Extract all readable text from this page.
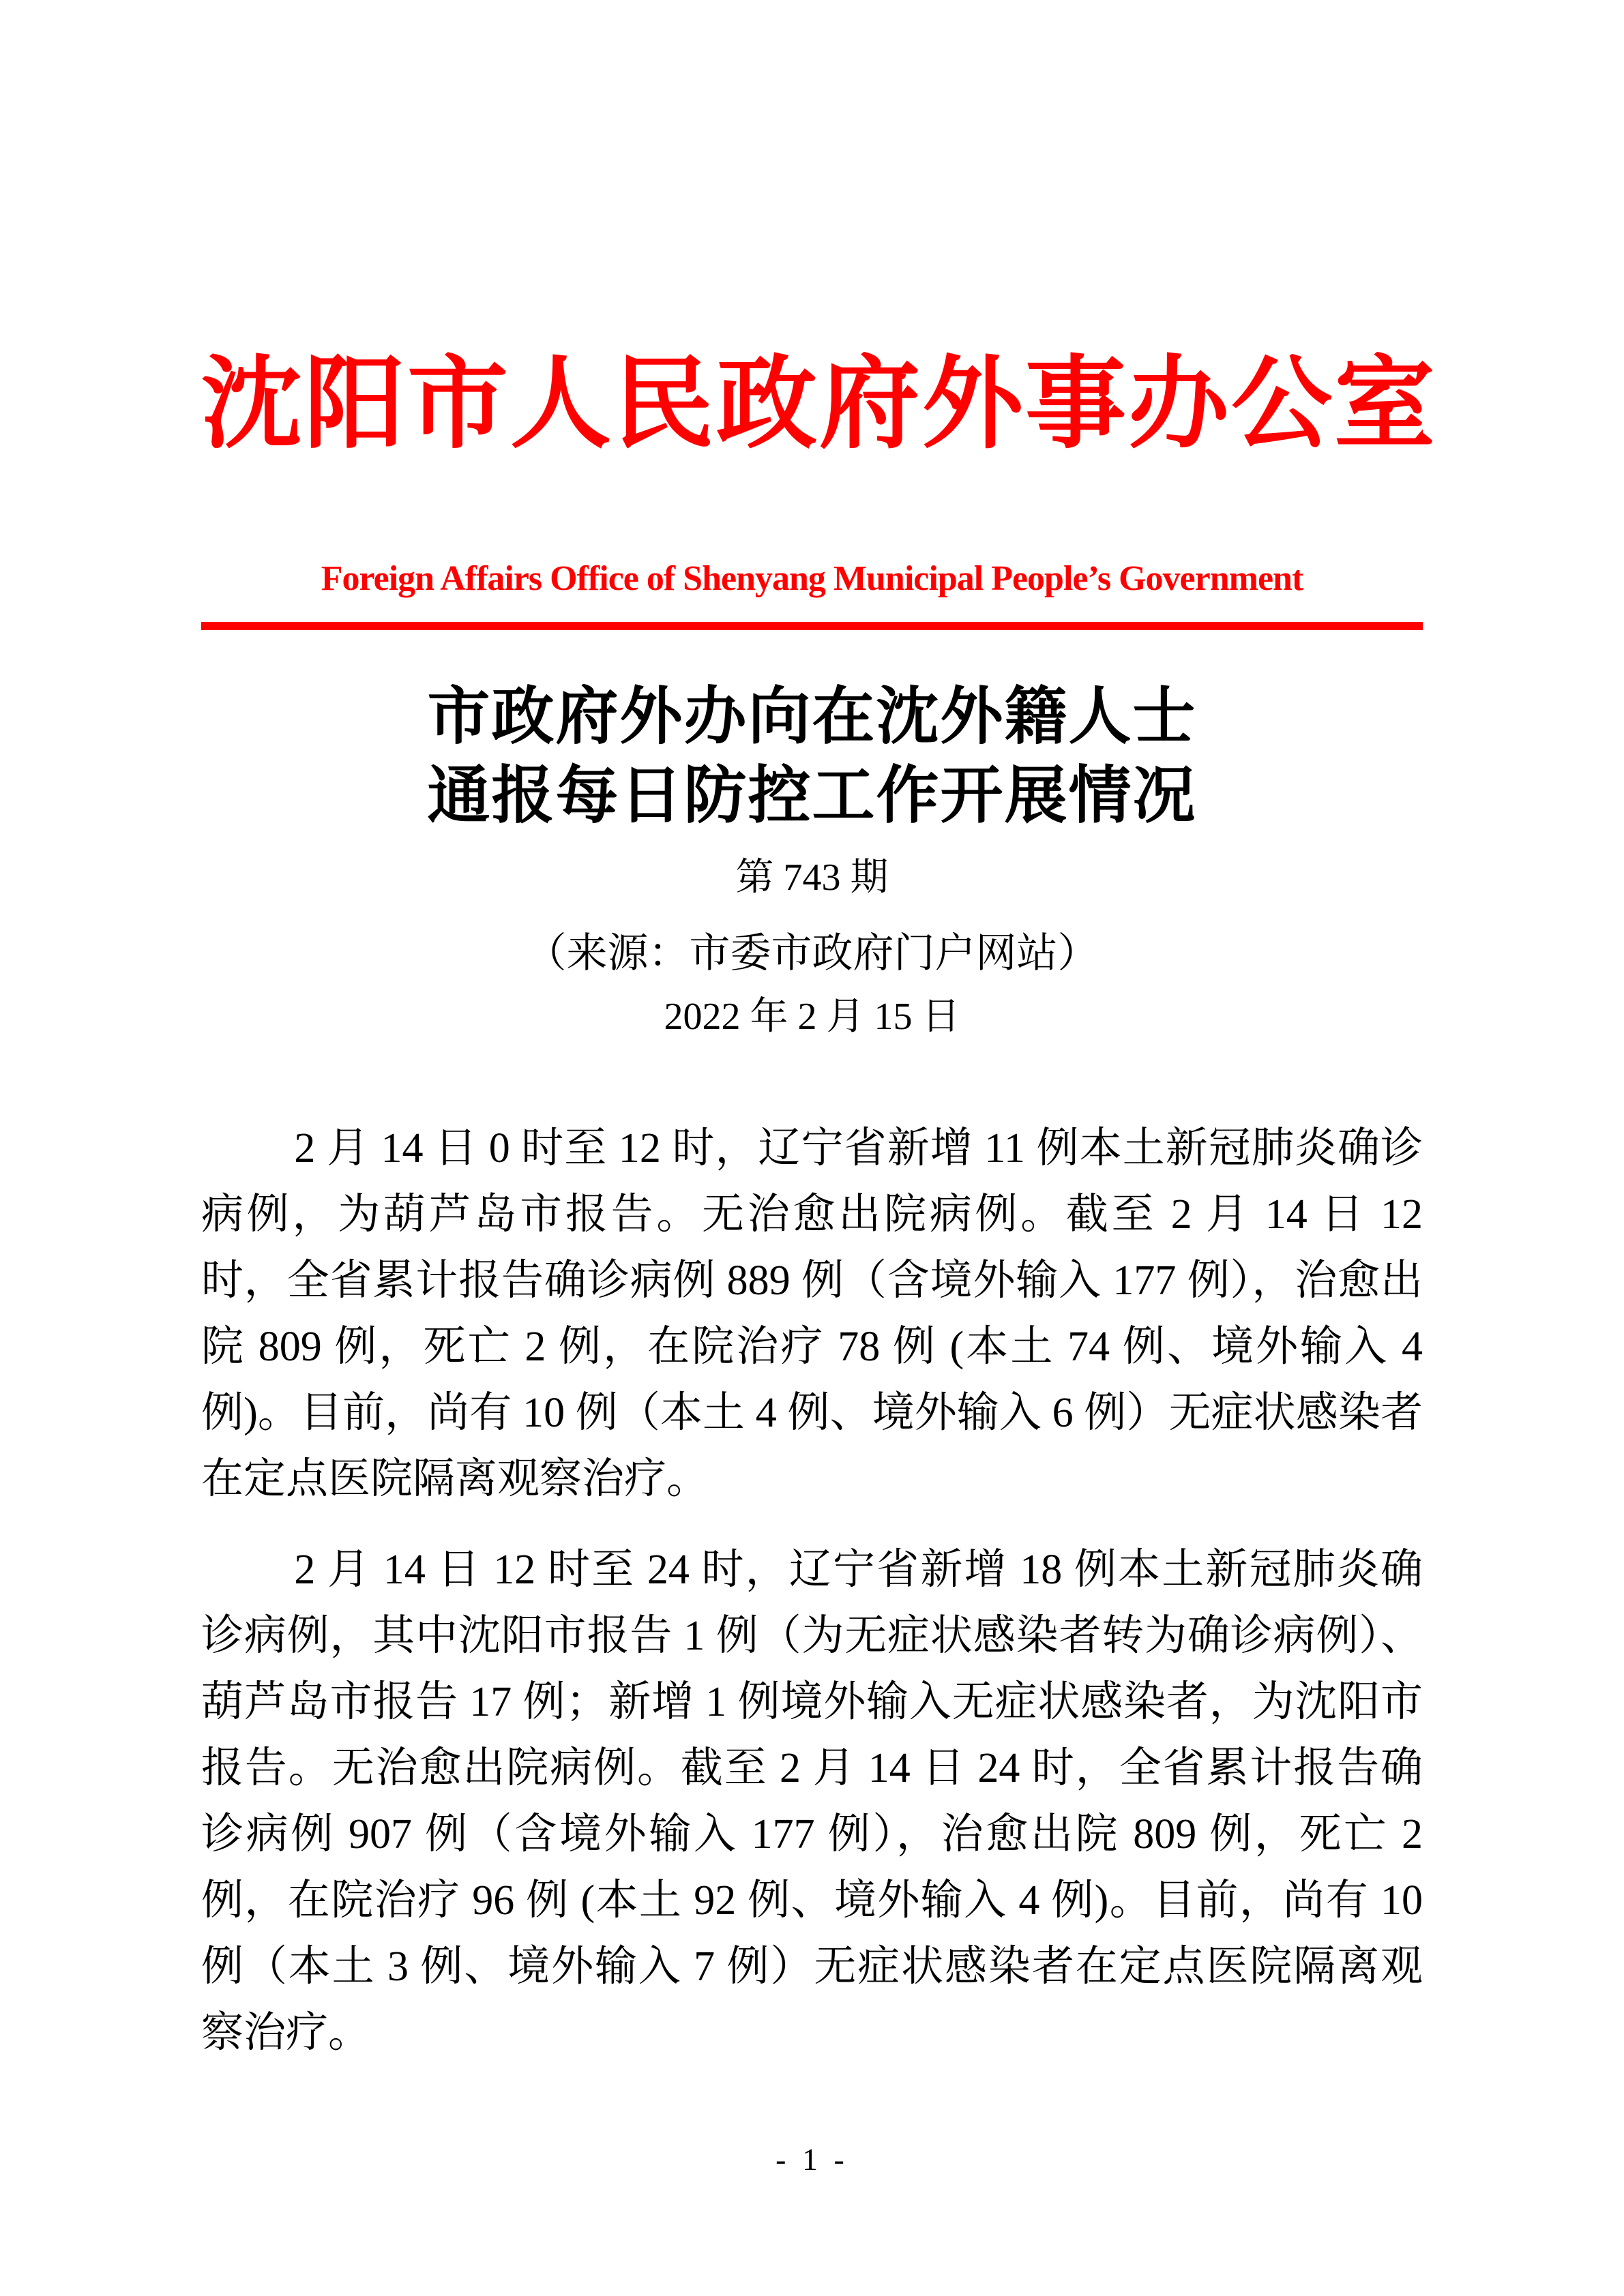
沈阳市人民政府外事办公室
Foreign Affairs Office of Shenyang Municipal People’s Government
市政府外办向在沈外籍人士
通报每日防控工作开展情况
第 743 期
（来源：市委市政府门户网站）
2022 年 2 月 15 日

2 月 14 日 0 时至 12 时，辽宁省新增 11 例本土新冠肺炎确诊病例，为葫芦岛市报告。无治愈出院病例。截至 2 月 14 日 12 时，全省累计报告确诊病例 889 例（含境外输入 177 例），治愈出院 809 例，死亡 2 例，在院治疗 78 例 (本土 74 例、境外输入 4 例)。目前，尚有 10 例（本土 4 例、境外输入 6 例）无症状感染者在定点医院隔离观察治疗。

2 月 14 日 12 时至 24 时，辽宁省新增 18 例本土新冠肺炎确诊病例，其中沈阳市报告 1 例（为无症状感染者转为确诊病例）、葫芦岛市报告 17 例；新增 1 例境外输入无症状感染者，为沈阳市报告。无治愈出院病例。截至 2 月 14 日 24 时，全省累计报告确诊病例 907 例（含境外输入 177 例），治愈出院 809 例，死亡 2 例，在院治疗 96 例 (本土 92 例、境外输入 4 例)。目前，尚有 10 例（本土 3 例、境外输入 7 例）无症状感染者在定点医院隔离观察治疗。

- 1 -
